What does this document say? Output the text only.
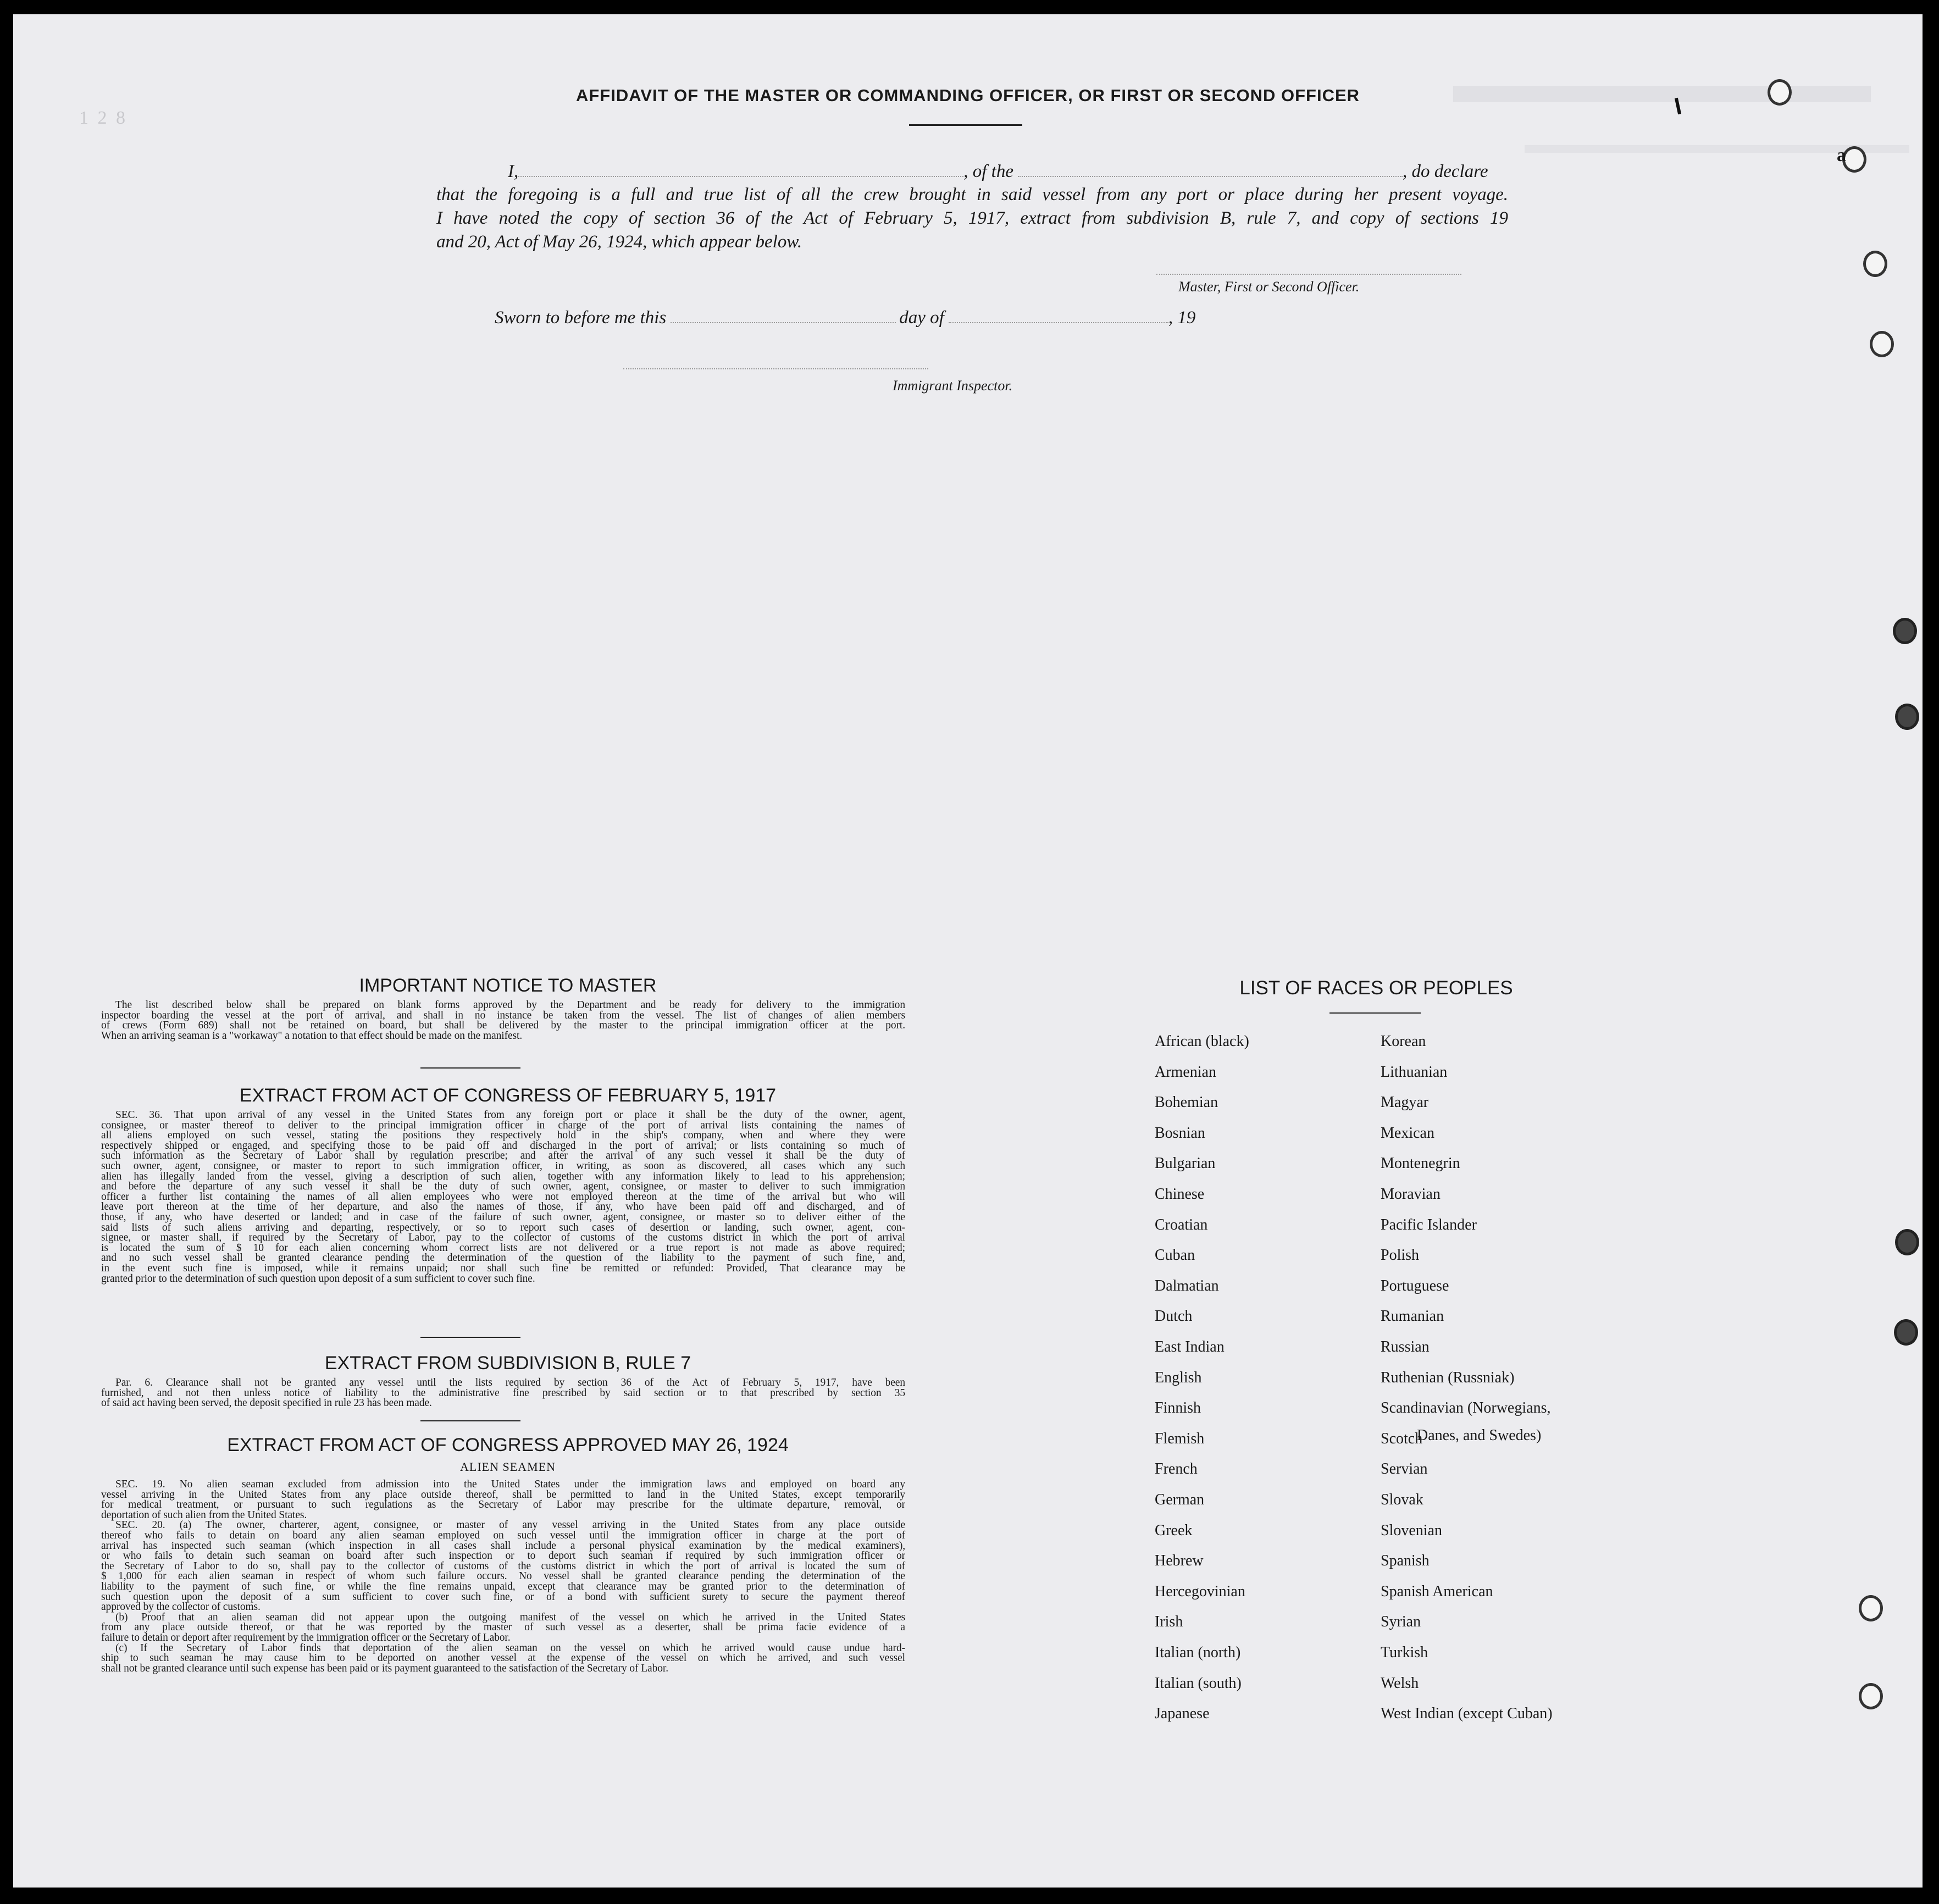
1 2 8
AFFIDAVIT OF THE MASTER OR COMMANDING OFFICER, OR FIRST OR SECOND OFFICER
I,	, of the	, do declare
that the foregoing is a full and true list of all the crew brought in said vessel from any port or place during her present voyage.
I have noted the copy of section 36 of the Act of February 5, 1917, extract from subdivision B, rule 7, and copy of sections 19
and 20, Act of May 26, 1924, which appear below.
Master, First or Second Officer.
Sworn to before me this	day of	, 19
Immigrant Inspector.
IMPORTANT NOTICE TO MASTER
The list described below shall be prepared on blank forms approved by the Department and be ready for delivery to the immigration
inspector boarding the vessel at the port of arrival, and shall in no instance be taken from the vessel. The list of changes of alien members
of crews (Form 689) shall not be retained on board, but shall be delivered by the master to the principal immigration officer at the port.
When an arriving seaman is a "workaway" a notation to that effect should be made on the manifest.
EXTRACT FROM ACT OF CONGRESS OF FEBRUARY 5, 1917
SEC. 36. That upon arrival of any vessel in the United States from any foreign port or place it shall be the duty of the owner, agent,
consignee, or master thereof to deliver to the principal immigration officer in charge of the port of arrival lists containing the names of
all aliens employed on such vessel, stating the positions they respectively hold in the ship's company, when and where they were
respectively shipped or engaged, and specifying those to be paid off and discharged in the port of arrival; or lists containing so much of
such information as the Secretary of Labor shall by regulation prescribe; and after the arrival of any such vessel it shall be the duty of
such owner, agent, consignee, or master to report to such immigration officer, in writing, as soon as discovered, all cases which any such
alien has illegally landed from the vessel, giving a description of such alien, together with any information likely to lead to his apprehension;
and before the departure of any such vessel it shall be the duty of such owner, agent, consignee, or master to deliver to such immigration
officer a further list containing the names of all alien employees who were not employed thereon at the time of the arrival but who will
leave port thereon at the time of her departure, and also the names of those, if any, who have been paid off and discharged, and of
those, if any, who have deserted or landed; and in case of the failure of such owner, agent, consignee, or master so to deliver either of the
said lists of such aliens arriving and departing, respectively, or so to report such cases of desertion or landing, such owner, agent, con-
signee, or master shall, if required by the Secretary of Labor, pay to the collector of customs of the customs district in which the port of arrival
is located the sum of $ 10 for each alien concerning whom correct lists are not delivered or a true report is not made as above required;
and no such vessel shall be granted clearance pending the determination of the question of the liability to the payment of such fine, and,
in the event such fine is imposed, while it remains unpaid; nor shall such fine be remitted or refunded: Provided, That clearance may be
granted prior to the determination of such question upon deposit of a sum sufficient to cover such fine.
EXTRACT FROM SUBDIVISION B, RULE 7
Par. 6. Clearance shall not be granted any vessel until the lists required by section 36 of the Act of February 5, 1917, have been
furnished, and not then unless notice of liability to the administrative fine prescribed by said section or to that prescribed by section 35
of said act having been served, the deposit specified in rule 23 has been made.
EXTRACT FROM ACT OF CONGRESS APPROVED MAY 26, 1924
ALIEN SEAMEN
SEC. 19. No alien seaman excluded from admission into the United States under the immigration laws and employed on board any
vessel arriving in the United States from any place outside thereof, shall be permitted to land in the United States, except temporarily
for medical treatment, or pursuant to such regulations as the Secretary of Labor may prescribe for the ultimate departure, removal, or
deportation of such alien from the United States.
SEC. 20. (a) The owner, charterer, agent, consignee, or master of any vessel arriving in the United States from any place outside
thereof who fails to detain on board any alien seaman employed on such vessel until the immigration officer in charge at the port of
arrival has inspected such seaman (which inspection in all cases shall include a personal physical examination by the medical examiners),
or who fails to detain such seaman on board after such inspection or to deport such seaman if required by such immigration officer or
the Secretary of Labor to do so, shall pay to the collector of customs of the customs district in which the port of arrival is located the sum of
$ 1,000 for each alien seaman in respect of whom such failure occurs. No vessel shall be granted clearance pending the determination of the
liability to the payment of such fine, or while the fine remains unpaid, except that clearance may be granted prior to the determination of
such question upon the deposit of a sum sufficient to cover such fine, or of a bond with sufficient surety to secure the payment thereof
approved by the collector of customs.
(b) Proof that an alien seaman did not appear upon the outgoing manifest of the vessel on which he arrived in the United States
from any place outside thereof, or that he was reported by the master of such vessel as a deserter, shall be prima facie evidence of a
failure to detain or deport after requirement by the immigration officer or the Secretary of Labor.
(c) If the Secretary of Labor finds that deportation of the alien seaman on the vessel on which he arrived would cause undue hard-
ship to such seaman he may cause him to be deported on another vessel at the expense of the vessel on which he arrived, and such vessel
shall not be granted clearance until such expense has been paid or its payment guaranteed to the satisfaction of the Secretary of Labor.
LIST OF RACES OR PEOPLES
African (black)
Armenian
Bohemian
Bosnian
Bulgarian
Chinese
Croatian
Cuban
Dalmatian
Dutch
East Indian
English
Finnish
Flemish
French
German
Greek
Hebrew
Hercegovinian
Irish
Italian (north)
Italian (south)
Japanese
Korean
Lithuanian
Magyar
Mexican
Montenegrin
Moravian
Pacific Islander
Polish
Portuguese
Rumanian
Russian
Ruthenian (Russniak)
Scandinavian (Norwegians,
Scotch
Servian
Slovak
Slovenian
Spanish
Spanish American
Syrian
Turkish
Welsh
West Indian (except Cuban)
Danes, and Swedes)
a
